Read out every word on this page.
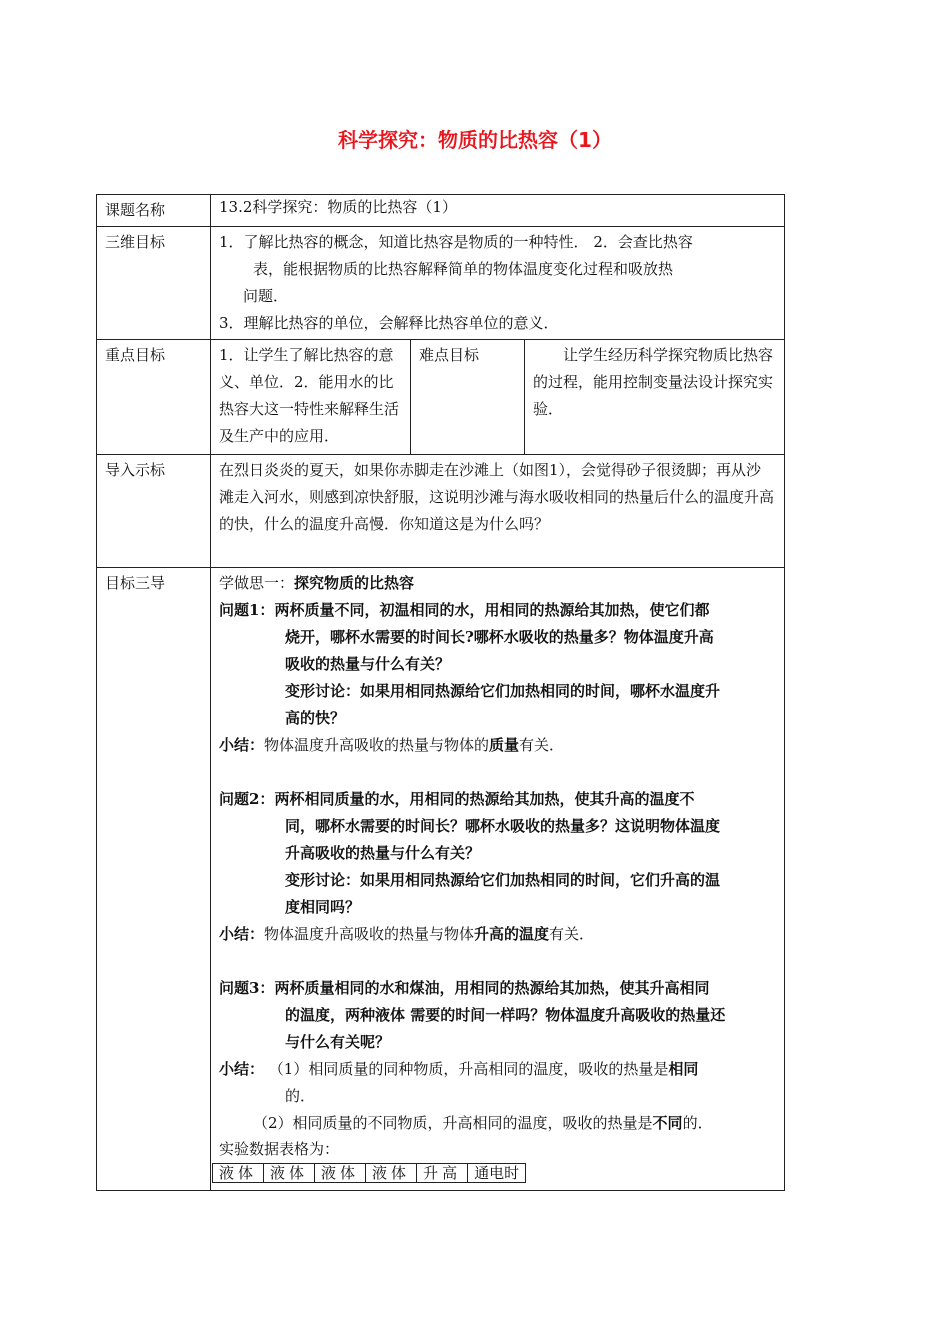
科学探究：物质的比热容（1）
课题名称	13.2科学探究：物质的比热容（1）
三维目标	1．了解比热容的概念，知道比热容是物质的一种特性． 2．会查比热容
表，能根据物质的比热容解释简单的物体温度变化过程和吸放热
问题．
3．理解比热容的单位，会解释比热容单位的意义．

重点目标	1．让学生了解比热容的意义、单位．2．能用水的比热容大这一特性来解释生活及生产中的应用．	难点目标	让学生经历科学探究物质比热容的过程，能用控制变量法设计探究实验．
导入示标	在烈日炎炎的夏天，如果你赤脚走在沙滩上（如图1），会觉得砂子很烫脚；再从沙滩走入河水，则感到凉快舒服，这说明沙滩与海水吸收相同的热量后什么的温度升高的快，什么的温度升高慢．你知道这是为什么吗？
目标三导	学做思一：探究物质的比热容
问题1：两杯质量不同，初温相同的水，用相同的热源给其加热，使它们都
烧开，哪杯水需要的时间长?哪杯水吸收的热量多？物体温度升高
吸收的热量与什么有关？
变形讨论：如果用相同热源给它们加热相同的时间，哪杯水温度升
高的快？
小结：物体温度升高吸收的热量与物体的质量有关．
问题2：两杯相同质量的水，用相同的热源给其加热，使其升高的温度不
同，哪杯水需要的时间长？哪杯水吸收的热量多？这说明物体温度
升高吸收的热量与什么有关？
变形讨论：如果用相同热源给它们加热相同的时间，它们升高的温
度相同吗？
小结：物体温度升高吸收的热量与物体升高的温度有关．
问题3：两杯质量相同的水和煤油，用相同的热源给其加热，使其升高相同
的温度，两种液体 需要的时间一样吗？物体温度升高吸收的热量还
与什么有关呢？
小结： （1）相同质量的同种物质，升高相同的温度，吸收的热量是相同
的．
（2）相同质量的不同物质，升高相同的温度，吸收的热量是不同的．
实验数据表格为：
液体	液体	液体	液体	升高	通电时
